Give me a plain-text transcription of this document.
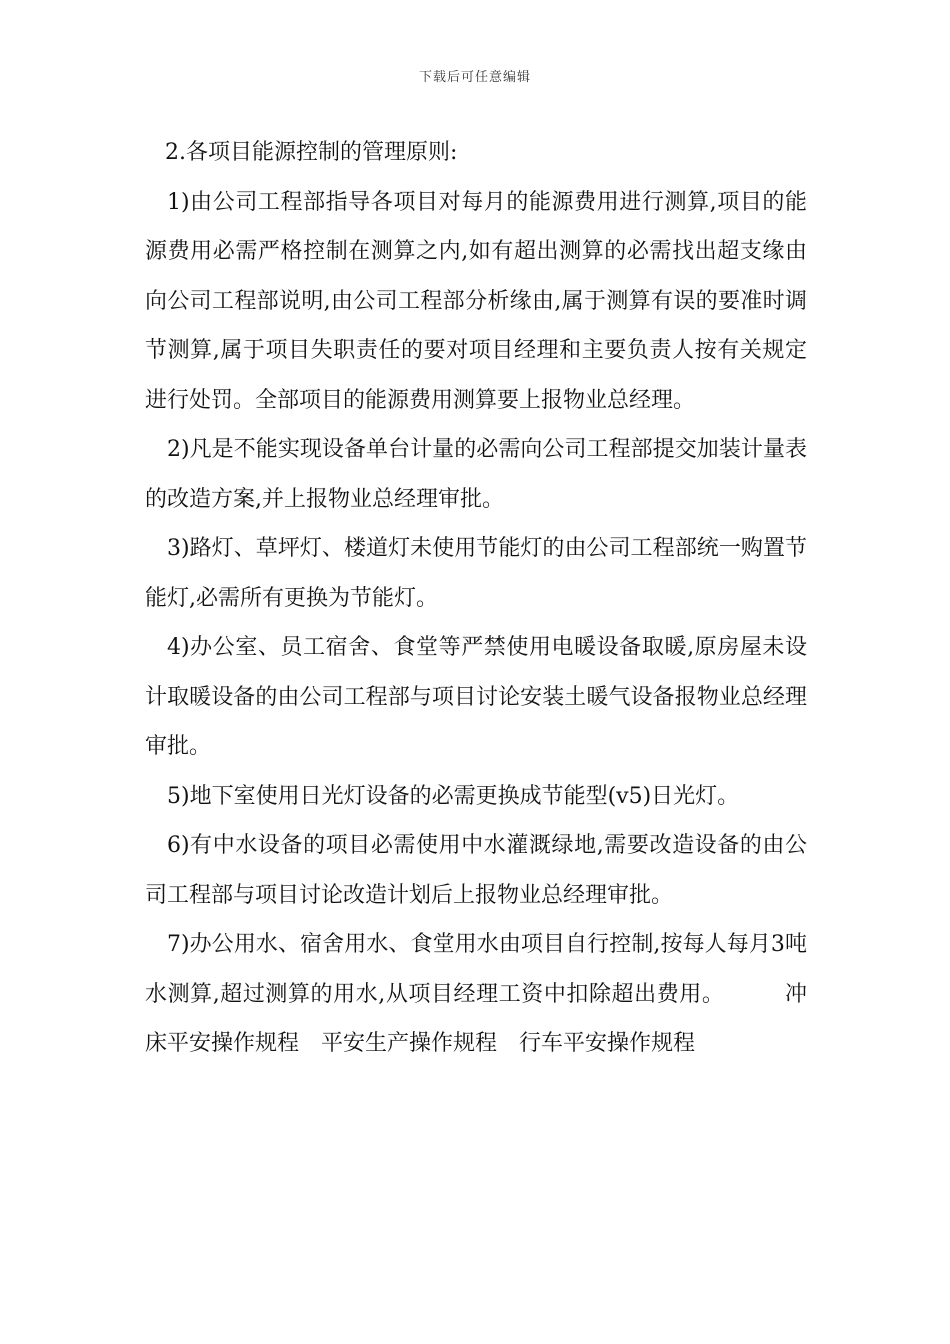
下载后可任意编辑

2.各项目能源控制的管理原则:

1)由公司工程部指导各项目对每月的能源费用进行测算,项目的能源费用必需严格控制在测算之内,如有超出测算的必需找出超支缘由向公司工程部说明,由公司工程部分析缘由,属于测算有误的要准时调节测算,属于项目失职责任的要对项目经理和主要负责人按有关规定进行处罚。全部项目的能源费用测算要上报物业总经理。

2)凡是不能实现设备单台计量的必需向公司工程部提交加装计量表的改造方案,并上报物业总经理审批。

3)路灯、草坪灯、楼道灯未使用节能灯的由公司工程部统一购置节能灯,必需所有更换为节能灯。

4)办公室、员工宿舍、食堂等严禁使用电暖设备取暖,原房屋未设计取暖设备的由公司工程部与项目讨论安装土暖气设备报物业总经理审批。

5)地下室使用日光灯设备的必需更换成节能型(v5)日光灯。

6)有中水设备的项目必需使用中水灌溉绿地,需要改造设备的由公司工程部与项目讨论改造计划后上报物业总经理审批。

7)办公用水、宿舍用水、食堂用水由项目自行控制,按每人每月3吨水测算,超过测算的用水,从项目经理工资中扣除超出费用。	冲床平安操作规程 平安生产操作规程 行车平安操作规程
